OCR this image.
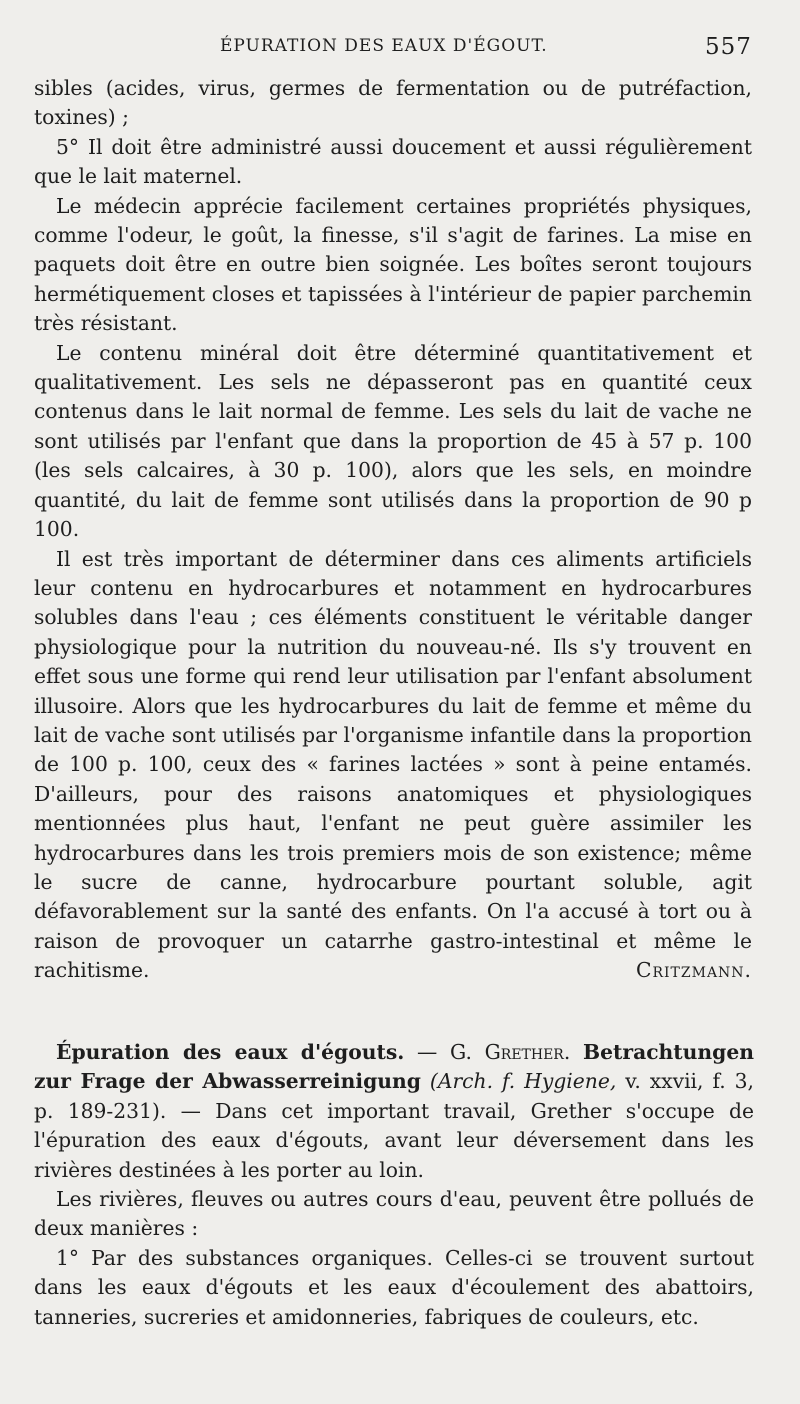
ÉPURATION DES EAUX D'ÉGOUT.	557

sibles (acides, virus, germes de fermentation ou de putréfaction, toxines) ;

5° Il doit être administré aussi doucement et aussi régulièrement que le lait maternel.

Le médecin apprécie facilement certaines propriétés physiques, comme l'odeur, le goût, la finesse, s'il s'agit de farines. La mise en paquets doit être en outre bien soignée. Les boîtes seront toujours hermétiquement closes et tapissées à l'intérieur de papier parchemin très résistant.

Le contenu minéral doit être déterminé quantitativement et qualitativement. Les sels ne dépasseront pas en quantité ceux contenus dans le lait normal de femme. Les sels du lait de vache ne sont utilisés par l'enfant que dans la proportion de 45 à 57 p. 100 (les sels calcaires, à 30 p. 100), alors que les sels, en moindre quantité, du lait de femme sont utilisés dans la proportion de 90 p 100.

Il est très important de déterminer dans ces aliments artificiels leur contenu en hydrocarbures et notamment en hydrocarbures solubles dans l'eau ; ces éléments constituent le véritable danger physiologique pour la nutrition du nouveau-né. Ils s'y trouvent en effet sous une forme qui rend leur utilisation par l'enfant absolument illusoire. Alors que les hydrocarbures du lait de femme et même du lait de vache sont utilisés par l'organisme infantile dans la proportion de 100 p. 100, ceux des « farines lactées » sont à peine entamés. D'ailleurs, pour des raisons anatomiques et physiologiques mentionnées plus haut, l'enfant ne peut guère assimiler les hydrocarbures dans les trois premiers mois de son existence; même le sucre de canne, hydrocarbure pourtant soluble, agit défavorablement sur la santé des enfants. On l'a accusé à tort ou à raison de provoquer un catarrhe gastro-intestinal et même le rachitisme.	Critzmann.

Épuration des eaux d'égouts. — G. Grether. Betrachtungen zur Frage der Abwasserreinigung (Arch. f. Hygiene, v. xxvii, f. 3, p. 189-231). — Dans cet important travail, Grether s'occupe de l'épuration des eaux d'égouts, avant leur déversement dans les rivières destinées à les porter au loin.

Les rivières, fleuves ou autres cours d'eau, peuvent être pollués de deux manières :

1° Par des substances organiques. Celles-ci se trouvent surtout dans les eaux d'égouts et les eaux d'écoulement des abattoirs, tanneries, sucreries et amidonneries, fabriques de couleurs, etc.
